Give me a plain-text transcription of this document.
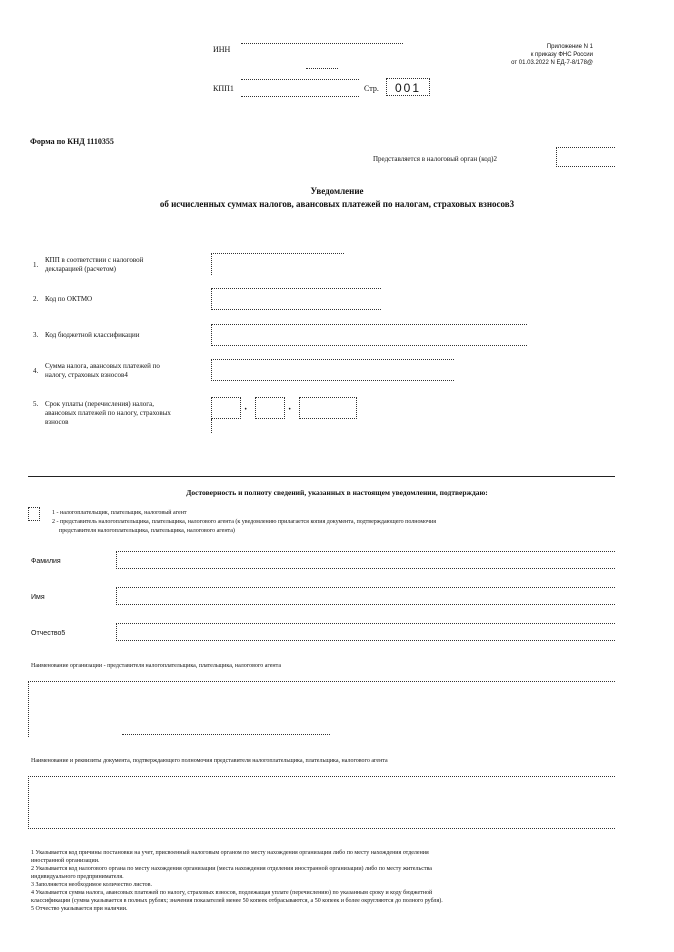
ИНН
КПП1	Стр. 001
Приложение N 1
к приказу ФНС России
от 01.03.2022 N ЕД-7-8/178@
Форма по КНД 1110355
Представляется в налоговый орган (код)2
Уведомление
об исчисленных суммах налогов, авансовых платежей по налогам, страховых взносов3
1.
КПП в соответствии с налоговой декларацией (расчетом)
2. Код по ОКТМО
3. Код бюджетной классификации
4.
Сумма налога, авансовых платежей по налогу, страховых взносов4
5. Срок уплаты (перечисления) налога, авансовых платежей по налогу, страховых взносов
·	·
Достоверность и полноту сведений, указанных в настоящем уведомлении, подтверждаю:
1 - налогоплательщик, плательщик, налоговый агент
2 - представитель налогоплательщика, плательщика, налогового агента (к уведомлению прилагается копия документа, подтверждающего полномочия
представителя налогоплательщика, плательщика, налогового агента)
Фамилия
Имя
Отчество5
Наименование организации - представителя налогоплательщика, плательщика, налогового агента
Наименование и реквизиты документа, подтверждающего полномочия представителя налогоплательщика, плательщика, налогового агента
1 Указывается код причины постановки на учет, присвоенный налоговым органом по месту нахождения организации либо по месту нахождения отделения
иностранной организации.
2 Указывается код налогового органа по месту нахождения организации (места нахождения отделения иностранной организации) либо по месту жительства
индивидуального предпринимателя.
3 Заполняется необходимое количество листов.
4 Указывается сумма налога, авансовых платежей по налогу, страховых взносов, подлежащая уплате (перечислению) по указанным сроку и коду бюджетной
классификации (сумма указывается в полных рублях; значения показателей менее 50 копеек отбрасываются, а 50 копеек и более округляются до полного рубля).
5 Отчество указывается при наличии.
